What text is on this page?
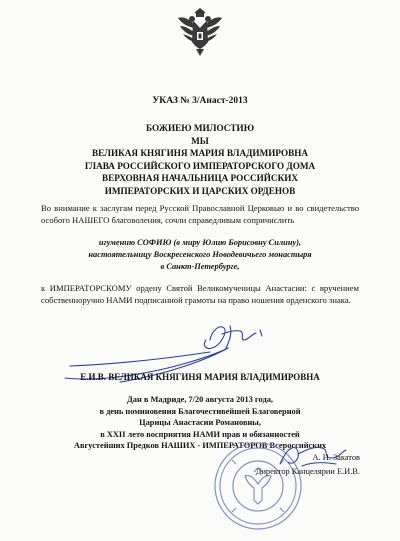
УКАЗ № 3/Анаст-2013
БОЖИЕЮ МИЛОСТИЮ
МЫ
ВЕЛИКАЯ КНЯГИНЯ МАРИЯ ВЛАДИМИРОВНА
ГЛАВА РОССИЙСКОГО ИМПЕРАТОРСКОГО ДОМА
ВЕРХОВНАЯ НАЧАЛЬНИЦА РОССИЙСКИХ
ИМПЕРАТОРСКИХ И ЦАРСКИХ ОРДЕНОВ
Во внимание к заслугам перед Русской Православной Церковью и во свидетельство особого НАШЕГО благоволения, сочли справедливым сопричислить
игумению СОФИЮ (в миру Юлию Борисовну Силину),
настоятельницу Воскресенского Новодевичьего монастыря
в Санкт-Петербурге,
к ИМПЕРАТОРСКОМУ ордену Святой Великомученицы Анастасии: с вручением собственноручно НАМИ подписанной грамоты на право ношения орденского знака.
Е.И.В. ВЕЛИКАЯ КНЯГИНЯ МАРИЯ ВЛАДИМИРОВНА
Дан в Мадриде, 7/20 августа 2013 года,
в день поминовения Благочестивейшей Благоверной
Царицы Анастасии Романовны,
в XXII лето восприятия НАМИ прав и обязанностей
Августейших Предков НАШИХ - ИМПЕРАТОРОВ Всероссийских
А. Н. Закатов
Директор Канцелярии Е.И.В.
